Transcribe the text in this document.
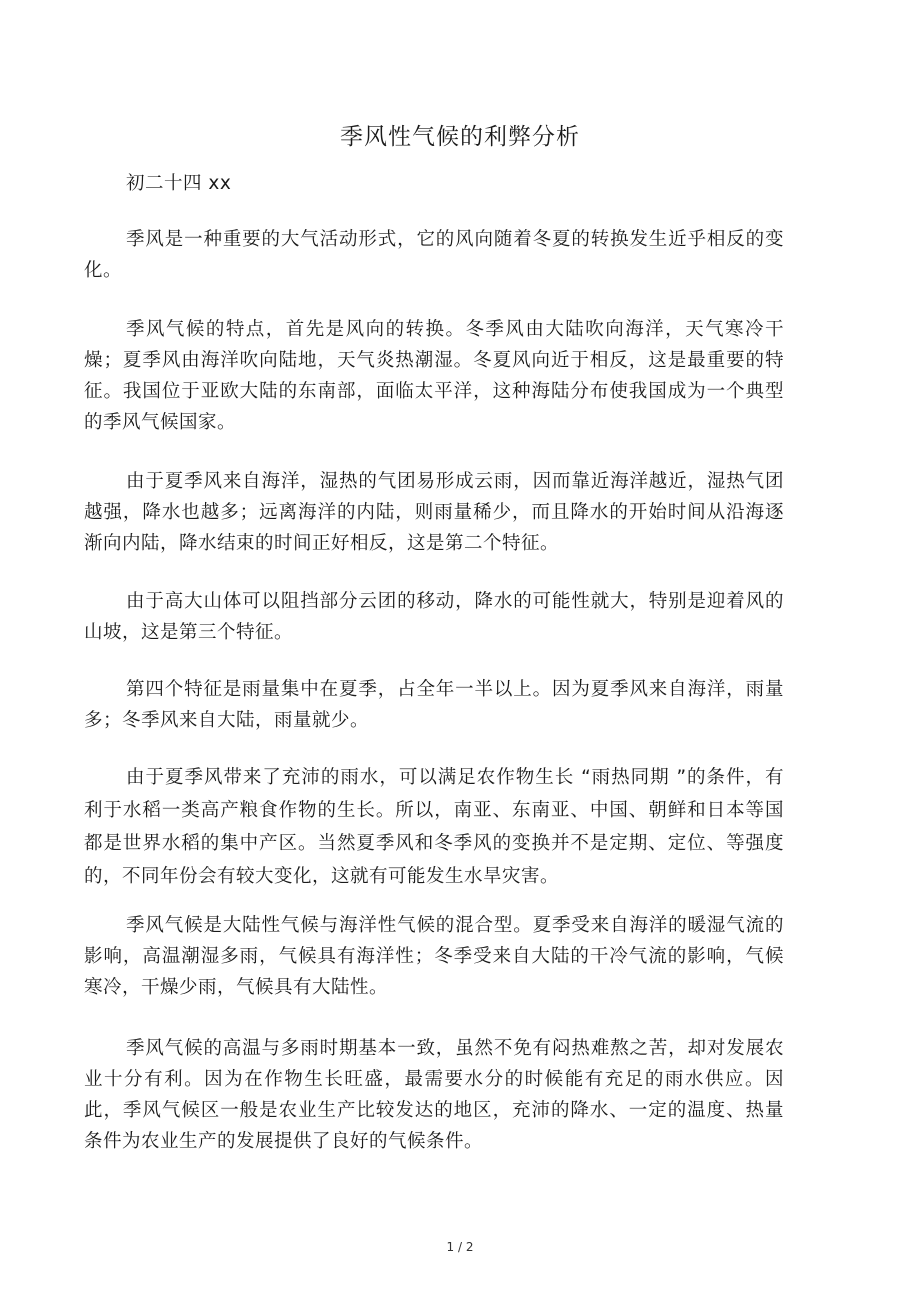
季风性气候的利弊分析
初二十四 xx
季风是一种重要的大气活动形式，它的风向随着冬夏的转换发生近乎相反的变化。
季风气候的特点，首先是风向的转换。冬季风由大陆吹向海洋，天气寒冷干燥；夏季风由海洋吹向陆地，天气炎热潮湿。冬夏风向近于相反，这是最重要的特征。我国位于亚欧大陆的东南部，面临太平洋，这种海陆分布使我国成为一个典型的季风气候国家。
由于夏季风来自海洋，湿热的气团易形成云雨，因而靠近海洋越近，湿热气团越强，降水也越多；远离海洋的内陆，则雨量稀少，而且降水的开始时间从沿海逐渐向内陆，降水结束的时间正好相反，这是第二个特征。
由于高大山体可以阻挡部分云团的移动，降水的可能性就大，特别是迎着风的山坡，这是第三个特征。
第四个特征是雨量集中在夏季，占全年一半以上。因为夏季风来自海洋，雨量多；冬季风来自大陆，雨量就少。
由于夏季风带来了充沛的雨水，可以满足农作物生长 “雨热同期 ”的条件，有利于水稻一类高产粮食作物的生长。所以，南亚、东南亚、中国、朝鲜和日本等国都是世界水稻的集中产区。当然夏季风和冬季风的变换并不是定期、定位、等强度的，不同年份会有较大变化，这就有可能发生水旱灾害。
季风气候是大陆性气候与海洋性气候的混合型。夏季受来自海洋的暖湿气流的影响，高温潮湿多雨，气候具有海洋性；冬季受来自大陆的干冷气流的影响，气候寒冷，干燥少雨，气候具有大陆性。
季风气候的高温与多雨时期基本一致，虽然不免有闷热难熬之苦，却对发展农业十分有利。因为在作物生长旺盛，最需要水分的时候能有充足的雨水供应。因此，季风气候区一般是农业生产比较发达的地区，充沛的降水、一定的温度、热量条件为农业生产的发展提供了良好的气候条件。
1 / 2
